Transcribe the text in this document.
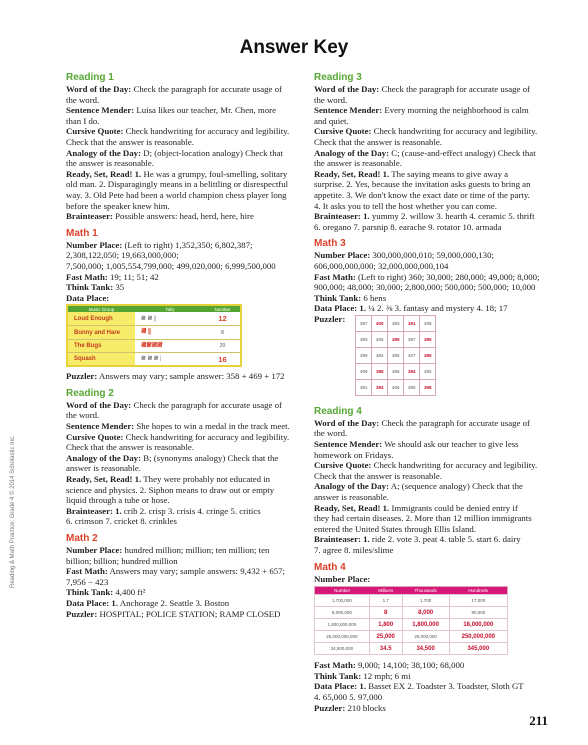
Answer Key
Reading 1
Word of the Day: Check the paragraph for accurate usage of
the word.
Sentence Mender: Luisa likes our teacher, Mr. Chen, more
than I do.
Cursive Quote: Check handwriting for accuracy and legibility.
Check that the answer is reasonable.
Analogy of the Day: D; (object-location analogy) Check that
the answer is reasonable.
Ready, Set, Read! 1. He was a grumpy, foul-smelling, solitary
old man. 2. Disparagingly means in a belittling or disrespectful
way. 3. Old Pete had been a world champion chess player long
before the speaker knew him.
Brainteaser: Possible answers: head, herd, here, hire
Math 1
Number Place: (Left to right) 1,352,350; 6,802,387;
2,308,122,050; 19,663,000,000;
7,500,000; 1,005,554,799,000; 499,020,000; 6,999,500,000
Fast Math: 19; 11; 51; 42
Think Tank: 35
Data Place:
Music Group	Tally	Number
Loud Enough	𝍸 𝍸 ||	12
Bunny and Hare	𝍸 |||	8
The Bugs	𝍸𝍸𝍸𝍸	20
Squash	𝍸 𝍸 𝍸 |	16
Puzzler: Answers may vary; sample answer: 358 + 469 + 172
Reading 2
Word of the Day: Check the paragraph for accurate usage of
the word.
Sentence Mender: She hopes to win a medal in the track meet.
Cursive Quote: Check handwriting for accuracy and legibility.
Check that the answer is reasonable.
Analogy of the Day: B; (synonyms analogy) Check that the
answer is reasonable.
Ready, Set, Read! 1. They were probably not educated in
science and physics. 2. Siphon means to draw out or empty
liquid through a tube or hose.
Brainteaser: 1. crib 2. crisp 3. crisis 4. cringe 5. critics
6. crimson 7. cricket 8. crinkles
Math 2
Number Place: hundred million; million; ten million; ten
billion; billion; hundred million
Fast Math: Answers may vary; sample answers: 9,432 + 657;
7,956 − 423
Think Tank: 4,400 ft²
Data Place: 1. Anchorage 2. Seattle 3. Boston
Puzzler: HOSPITAL; POLICE STATION; RAMP CLOSED
Reading 3
Word of the Day: Check the paragraph for accurate usage of
the word.
Sentence Mender: Every morning the neighborhood is calm
and quiet.
Cursive Quote: Check handwriting for accuracy and legibility.
Check that the answer is reasonable.
Analogy of the Day: C; (cause-and-effect analogy) Check that
the answer is reasonable.
Ready, Set, Read! 1. The saying means to give away a
surprise. 2. Yes, because the invitation asks guests to bring an
appetite. 3. We don't know the exact date or time of the party.
4. It asks you to tell the host whether you can come.
Brainteaser: 1. yummy 2. willow 3. hearth 4. ceramic 5. thrift
6. oregano 7. parsnip 8. earache 9. rotator 10. armada
Math 3
Number Place: 300,000,000,010; 59,000,000,130;
606,000,000,000; 32,000,000,000,104
Fast Math: (Left to right) 360; 30,000; 280,000; 49,000; 8,000;
900,000; 48,000; 30,000; 2,800,000; 500,000; 500,000; 10,000
Think Tank: 6 hens
Data Place: 1. ¼ 2. ⅜ 3. fantasy and mystery 4. 18; 17
Puzzler:	387	400	383	391	408
393	405	389	397	385
399	382	395	407	386
409	388	396	384	392
381	394	406	390	398
Reading 4
Word of the Day: Check the paragraph for accurate usage of
the word.
Sentence Mender: We should ask our teacher to give less
homework on Fridays.
Cursive Quote: Check handwriting for accuracy and legibility.
Check that the answer is reasonable.
Analogy of the Day: A; (sequence analogy) Check that the
answer is reasonable.
Ready, Set, Read! 1. Immigrants could be denied entry if
they had certain diseases. 2. More than 12 million immigrants
entered the United States through Ellis Island.
Brainteaser: 1. ride 2. vote 3. peat 4. table 5. start 6. dairy
7. agree 8. miles/slime
Math 4
Number Place:
Number	Millions	Thousands	Hundreds
1,700,000	1.7	1,700	17,000
8,000,000	8	8,000	80,000
1,800,000,000	1,800	1,800,000	18,000,000
25,000,000,000	25,000	25,000,000	250,000,000
34,500,000	34.5	34,500	345,000
Fast Math: 9,000; 14,100; 38,100; 68,000
Think Tank: 12 mph; 6 mi
Data Place: 1. Basset EX 2. Toadster 3. Toadster, Sloth GT
4. 65,000 5. 97,000
Puzzler: 210 blocks
Reading & Math Practice: Grade 4 © 2014 Scholastic Inc.
211
